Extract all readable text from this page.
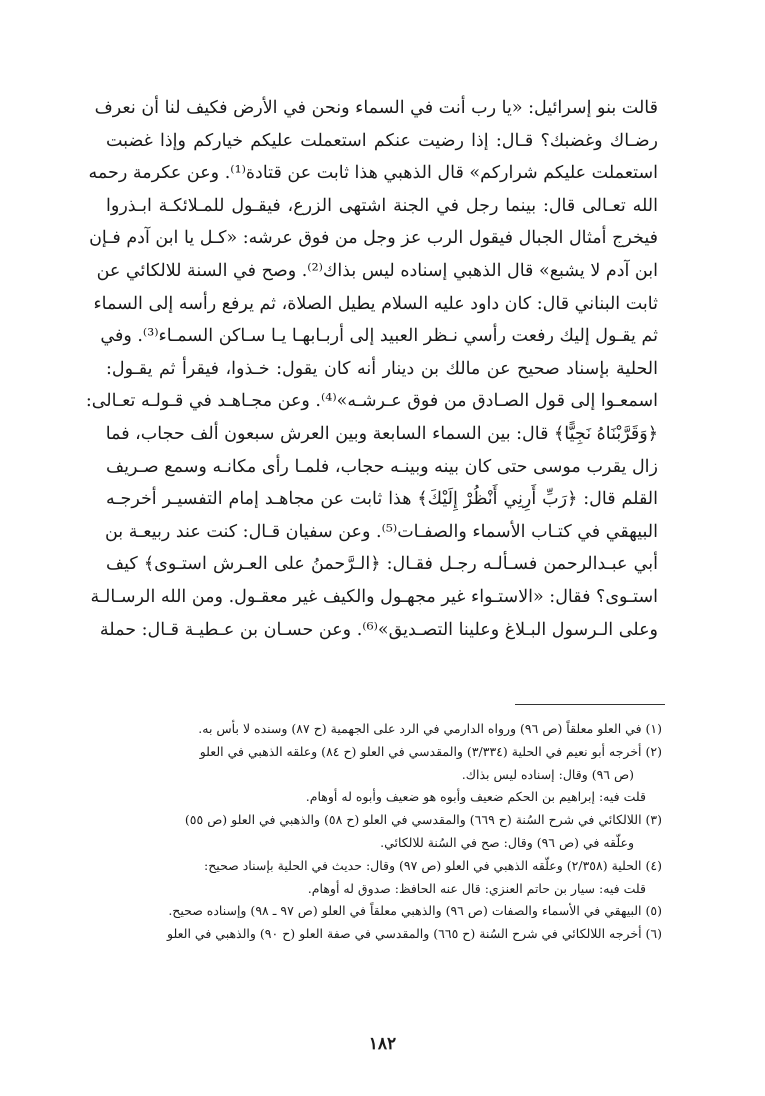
قالت بنو إسرائيل: «يا رب أنت في السماء ونحن في الأرض فكيف لنا أن نعرف
رضـاك وغضبك؟ قـال: إذا رضيت عنكم استعملت عليكم خياركم وإذا غضبت
استعملت عليكم شراركم» قال الذهبي هذا ثابت عن قتادة⁽¹⁾. وعن عكرمة رحمه
الله تعـالى قال: بينما رجل في الجنة اشتهى الزرع، فيقـول للمـلائكـة ابـذروا
فيخرج أمثال الجبال فيقول الرب عز وجل من فوق عرشه: «كـل يا ابن آدم فـإن
ابن آدم لا يشبع» قال الذهبي إسناده ليس بذاك⁽²⁾. وصح في السنة للالكائي عن
ثابت البناني قال: كان داود عليه السلام يطيل الصلاة، ثم يرفع رأسه إلى السماء
ثم يقـول إليك رفعت رأسي نـظر العبيد إلى أربـابهـا يـا سـاكن السمـاء⁽³⁾. وفي
الحلية بإسناد صحيح عن مالك بن دينار أنه كان يقول: خـذوا، فيقرأ ثم يقـول:
اسمعـوا إلى قول الصـادق من فوق عـرشـه»⁽⁴⁾. وعن مجـاهـد في قـولـه تعـالى:
﴿وَقَرَّبْنَاهُ نَجِيًّا﴾ قال: بين السماء السابعة وبين العرش سبعون ألف حجاب، فما
زال يقرب موسى حتى كان بينه وبينـه حجاب، فلمـا رأى مكانـه وسمع صـريف
القلم قال: ﴿رَبِّ أَرِنِي أَنْظُرْ إِلَيْكَ﴾ هذا ثابت عن مجاهـد إمام التفسيـر أخرجـه
البيهقي في كتـاب الأسماء والصفـات⁽⁵⁾. وعن سفيان قـال: كنت عند ربيعـة بن
أبي عبـدالرحمن فسـألـه رجـل فقـال: ﴿الـرَّحمنُ على العـرش استـوى﴾ كيف
استـوى؟ فقال: «الاستـواء غير مجهـول والكيف غير معقـول. ومن الله الرسـالـة
وعلى الـرسول البـلاغ وعلينا التصـديق»⁽⁶⁾. وعن حسـان بن عـطيـة قـال: حملة
(١) في العلو معلقاً (ص ٩٦) ورواه الدارمي في الرد على الجهمية (ح ٨٧) وسنده لا بأس به.
(٢) أخرجه أبو نعيم في الحلية (٣/٣٣٤) والمقدسي في العلو (ح ٨٤) وعلقه الذهبي في العلو
(ص ٩٦) وقال: إسناده ليس بذاك.
قلت فيه: إبراهيم بن الحكم ضعيف وأبوه هو ضعيف وأبوه له أوهام.
(٣) اللالكائي في شرح السُنة (ح ٦٦٩) والمقدسي في العلو (ح ٥٨) والذهبي في العلو (ص ٥٥)
وعلّقه في (ص ٩٦) وقال: صح في السُنة للالكائي.
(٤) الحلية (٢/٣٥٨) وعلّقه الذهبي في العلو (ص ٩٧) وقال: حديث في الحلية بإسناد صحيح:
قلت فيه: سيار بن حاتم العنزي: قال عنه الحافظ: صدوق له أوهام.
(٥) البيهقي في الأسماء والصفات (ص ٩٦) والذهبي معلقاً في العلو (ص ٩٧ ـ ٩٨) وإسناده صحيح.
(٦) أخرجه اللالكائي في شرح السُنة (ح ٦٦٥) والمقدسي في صفة العلو (ح ٩٠) والذهبي في العلو
١٨٢
